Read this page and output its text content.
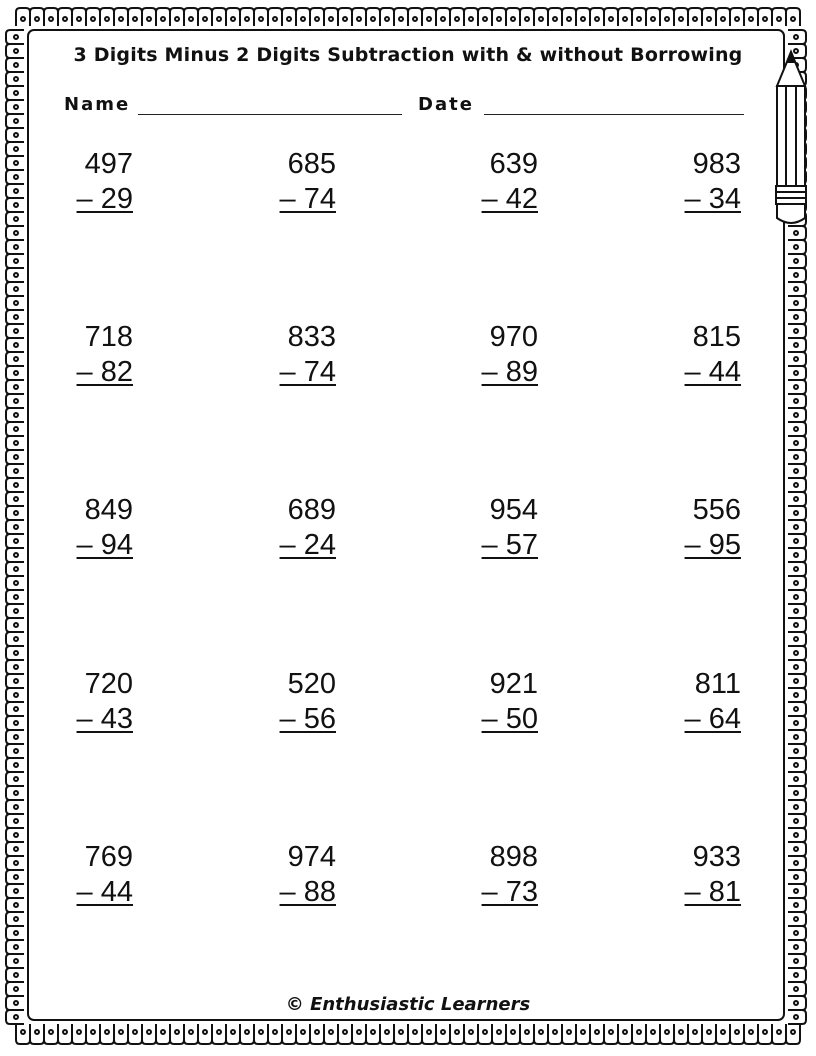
3 Digits Minus 2 Digits Subtraction with & without Borrowing
Name	Date
497
– 29
685
– 74
639
– 42
983
– 34
718
– 82
833
– 74
970
– 89
815
– 44
849
– 94
689
– 24
954
– 57
556
– 95
720
– 43
520
– 56
921
– 50
811
– 64
769
– 44
974
– 88
898
– 73
933
– 81
© Enthusiastic Learners
